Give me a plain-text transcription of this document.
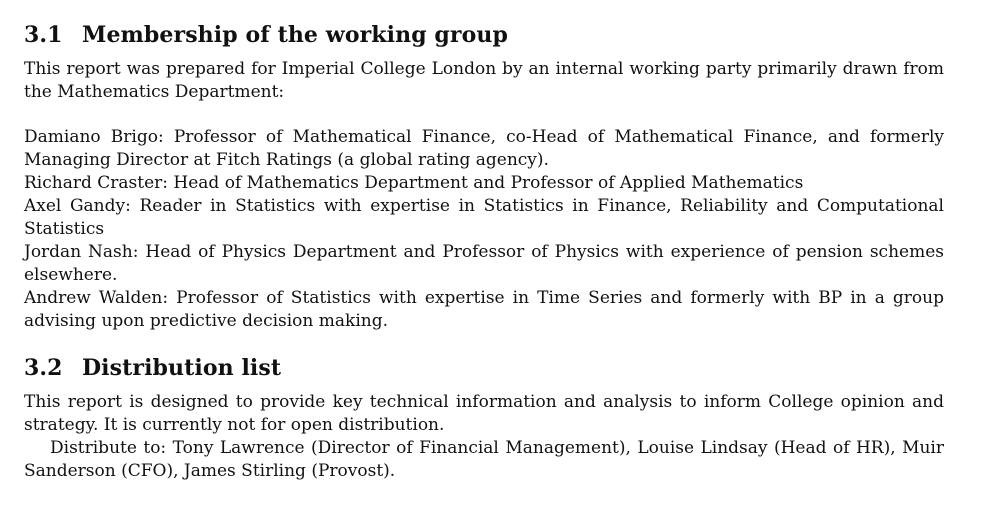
3.1 Membership of the working group

This report was prepared for Imperial College London by an internal working party primarily drawn from the Mathematics Department:

Damiano Brigo: Professor of Mathematical Finance, co-Head of Mathematical Finance, and formerly Managing Director at Fitch Ratings (a global rating agency).

Richard Craster: Head of Mathematics Department and Professor of Applied Mathematics

Axel Gandy: Reader in Statistics with expertise in Statistics in Finance, Reliability and Computational Statistics

Jordan Nash: Head of Physics Department and Professor of Physics with experience of pension schemes elsewhere.

Andrew Walden: Professor of Statistics with expertise in Time Series and formerly with BP in a group advising upon predictive decision making.

3.2 Distribution list

This report is designed to provide key technical information and analysis to inform College opinion and strategy. It is currently not for open distribution.

Distribute to: Tony Lawrence (Director of Financial Management), Louise Lindsay (Head of HR), Muir Sanderson (CFO), James Stirling (Provost).
